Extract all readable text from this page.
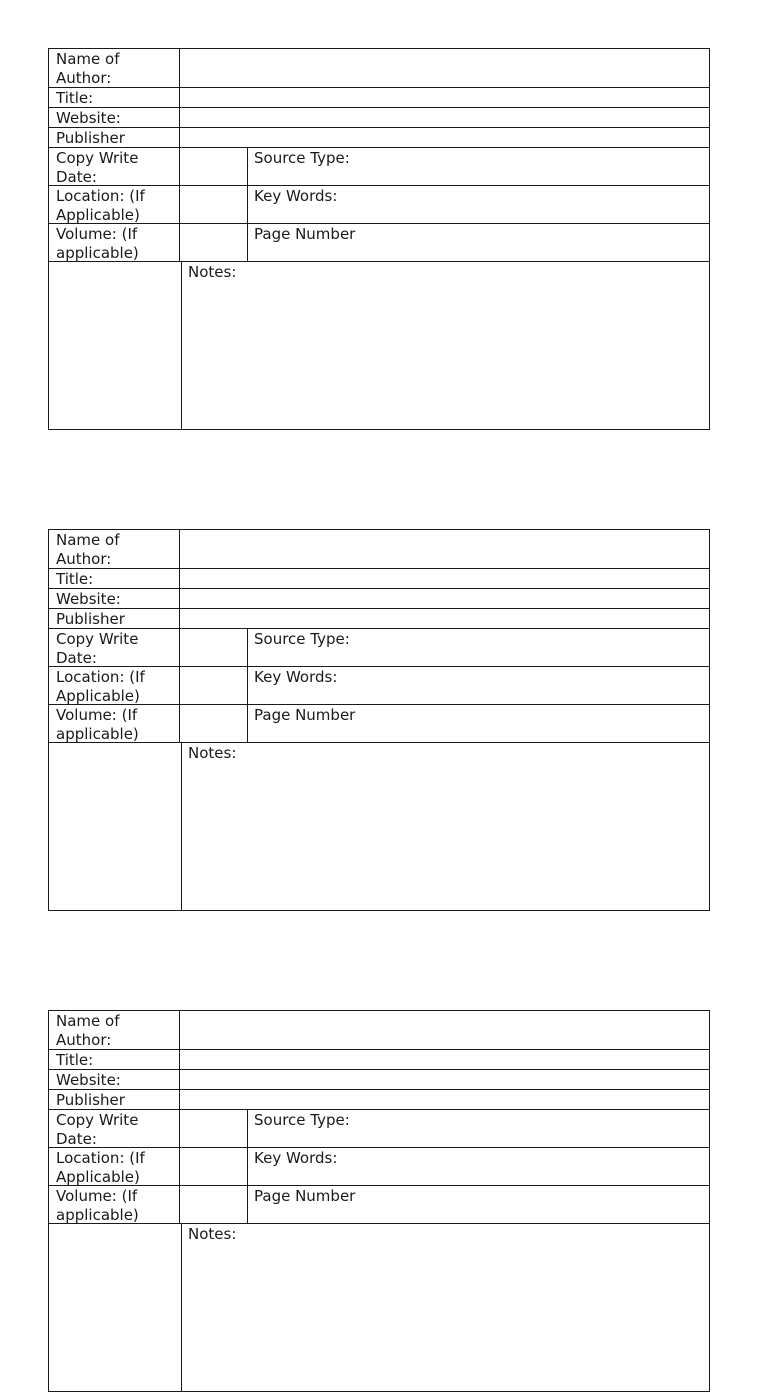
Name of
Author:
Title:
Website:
Publisher
Copy Write
Date:
Source Type:
Location: (If
Applicable)
Key Words:
Volume: (If
applicable)
Page Number
Notes:
Name of
Author:
Title:
Website:
Publisher
Copy Write
Date:
Source Type:
Location: (If
Applicable)
Key Words:
Volume: (If
applicable)
Page Number
Notes:
Name of
Author:
Title:
Website:
Publisher
Copy Write
Date:
Source Type:
Location: (If
Applicable)
Key Words:
Volume: (If
applicable)
Page Number
Notes:
